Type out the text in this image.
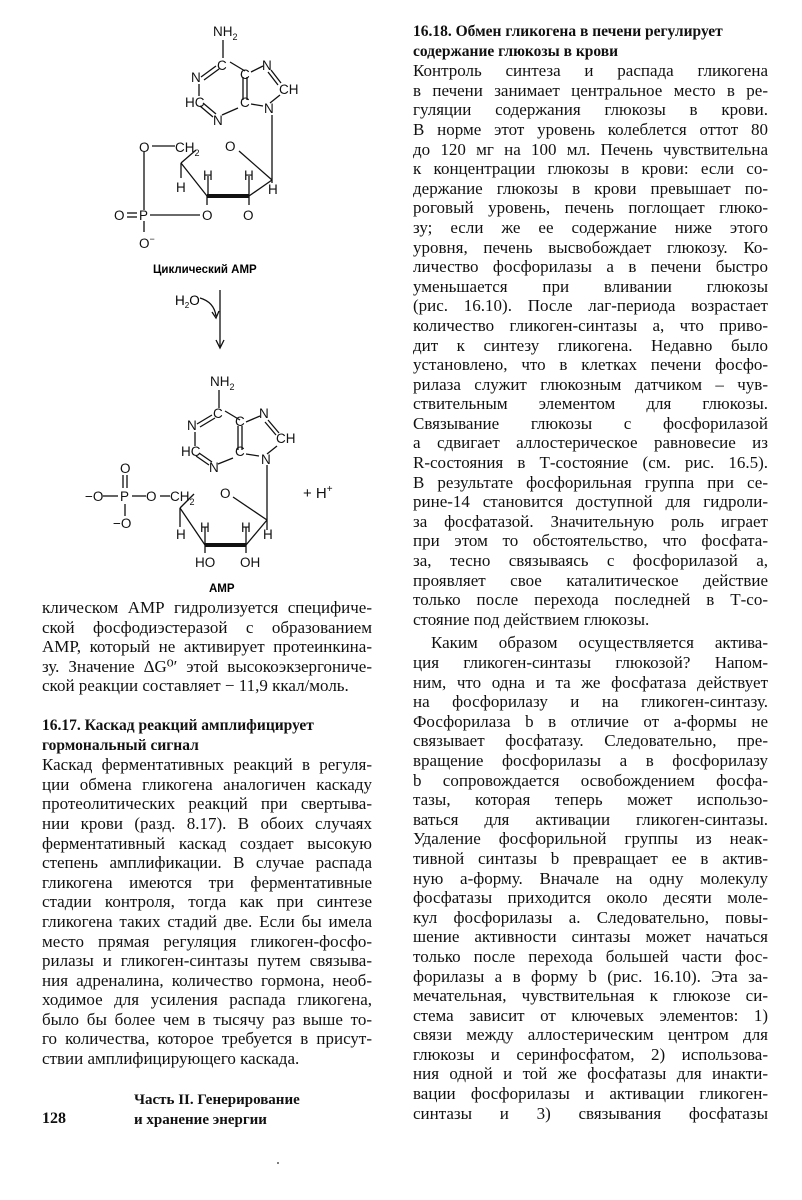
$NH_2$
C
N
HC
N
C
C
N
CH
N
O $CH_2$ O
H
H H
H
O O
O P
O−
Циклический АМР
$H_2O$
$NH_2$
C
N
HC
N
C
C
N
CH
N
−O P O
O
−O
$CH_2$
O
H H H H
HO OH
+ H+
AMP
клическом АМР гидролизуется специфиче-
ской фосфодиэстеразой с образованием
АМР, который не активирует протеинкина-
зу. Значение ΔG⁰′ этой высокоэкзергониче-
ской реакции составляет − 11,9 ккал/моль.
16.17. Каскад реакций амплифицирует
гормональный сигнал
Каскад ферментативных реакций в регуля-
ции обмена гликогена аналогичен каскаду
протеолитических реакций при свертыва-
нии крови (разд. 8.17). В обоих случаях
ферментативный каскад создает высокую
степень амплификации. В случае распада
гликогена имеются три ферментативные
стадии контроля, тогда как при синтезе
гликогена таких стадий две. Если бы имела
место прямая регуляция гликоген-фосфо-
рилазы и гликоген-синтазы путем связыва-
ния адреналина, количество гормона, необ-
ходимое для усиления распада гликогена,
было бы более чем в тысячу раз выше то-
го количества, которое требуется в присут-
ствии амплифицирующего каскада.
16.18. Обмен гликогена в печени регулирует
содержание глюкозы в крови
Контроль синтеза и распада гликогена
в печени занимает центральное место в ре-
гуляции содержания глюкозы в крови.
В норме этот уровень колеблется оттот 80
до 120 мг на 100 мл. Печень чувствительна
к концентрации глюкозы в крови: если со-
держание глюкозы в крови превышает по-
роговый уровень, печень поглощает глюко-
зу; если же ее содержание ниже этого
уровня, печень высвобождает глюкозу. Ко-
личество фосфорилазы a в печени быстро
уменьшается при вливании глюкозы
(рис. 16.10). После лаг-периода возрастает
количество гликоген-синтазы a, что приво-
дит к синтезу гликогена. Недавно было
установлено, что в клетках печени фосфо-
рилаза служит глюкозным датчиком – чув-
ствительным элементом для глюкозы.
Связывание глюкозы с фосфорилазой
a сдвигает аллостерическое равновесие из
R-состояния в Т-состояние (см. рис. 16.5).
В результате фосфорильная группа при се-
рине-14 становится доступной для гидроли-
за фосфатазой. Значительную роль играет
при этом то обстоятельство, что фосфата-
за, тесно связываясь с фосфорилазой a,
проявляет свое каталитическое действие
только после перехода последней в Т-со-
стояние под действием глюкозы.
Каким образом осуществляется актива-
ция гликоген-синтазы глюкозой? Напом-
ним, что одна и та же фосфатаза действует
на фосфорилазу и на гликоген-синтазу.
Фосфорилаза b в отличие от a-формы не
связывает фосфатазу. Следовательно, пре-
вращение фосфорилазы a в фосфорилазу
b сопровождается освобождением фосфа-
тазы, которая теперь может использо-
ваться для активации гликоген-синтазы.
Удаление фосфорильной группы из неак-
тивной синтазы b превращает ее в актив-
ную a-форму. Вначале на одну молекулу
фосфатазы приходится около десяти моле-
кул фосфорилазы a. Следовательно, повы-
шение активности синтазы может начаться
только после перехода большей части фос-
форилазы a в форму b (рис. 16.10). Эта за-
мечательная, чувствительная к глюкозе си-
стема зависит от ключевых элементов: 1)
связи между аллостерическим центром для
глюкозы и серинфосфатом, 2) использова-
ния одной и той же фосфатазы для инакти-
вации фосфорилазы и активации гликоген-
синтазы и 3) связывания фосфатазы
128
Часть II. Генерирование
и хранение энергии
